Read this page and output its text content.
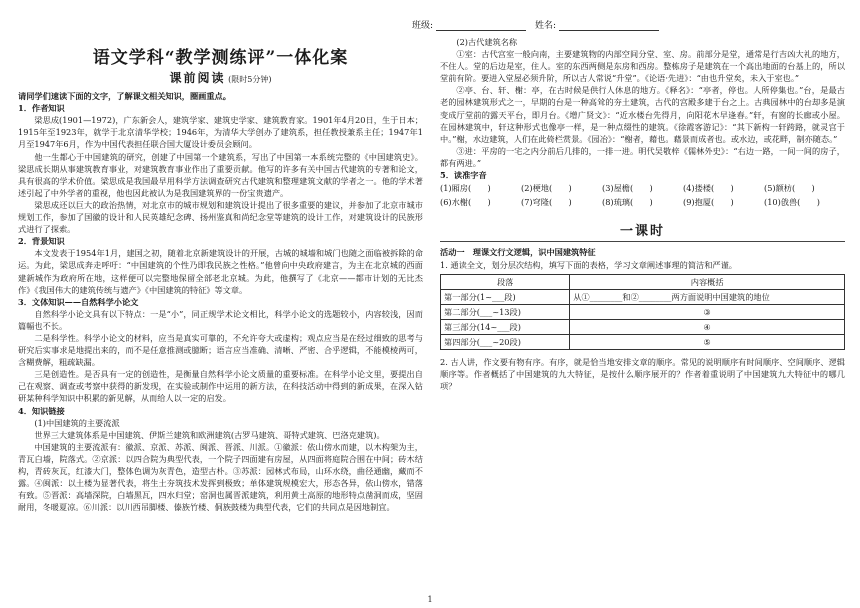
班级:	姓名:
语文学科“教学测练评”一体化案
课前阅读 (限时5分钟)

请同学们速读下面的文字，了解课文相关知识，圈画重点。

1．作者知识

梁思成(1901—1972)，广东新会人，建筑学家、建筑史学家、建筑教育家。1901年4月20日，生于日本；1915年至1923年，就学于北京清华学校；1946年，为清华大学创办了建筑系，担任教授兼系主任；1947年1月至1947年6月，作为中国代表担任联合国大厦设计委员会顾问。

他一生都心于中国建筑的研究，创建了中国第一个建筑系，写出了中国第一本系统完整的《中国建筑史》。梁思成长期从事建筑教育事业，对建筑教育事业作出了重要贡献。他写的许多有关中国古代建筑的专著和论文，具有很高的学术价值。梁思成是我国最早用科学方法调查研究古代建筑和整理建筑文献的学者之一。他的学术著述引起了中外学者的重视，他也因此被认为是我国建筑界的一份宝贵遗产。

梁思成还以巨大的政治热情，对北京市的城市规划和建筑设计提出了很多重要的建议，并参加了北京市城市规划工作，参加了国徽的设计和人民英雄纪念碑、扬州鉴真和尚纪念堂等建筑的设计工作，对建筑设计的民族形式进行了探索。

2．背景知识

本文发表于1954年1月，建国之初，随着北京新建筑设计的开展，古城的城墙和城门也随之面临被拆除的命运。为此，梁思成奔走呼吁：“中国建筑的个性乃即我民族之性格。”他曾向中央政府建言，为主在北京城的西面建新城作为政府所在地，这样便可以完整地保留全部老北京城。为此，他撰写了《北京——都市计划的无比杰作》《我国伟大的建筑传统与遗产》《中国建筑的特征》等文章。

3．文体知识——自然科学小论文

自然科学小论文具有以下特点：一是“小”，同正规学术论文相比，科学小论文的选题较小，内容较浅，因而篇幅也不长。

二是科学性。科学小论文的材料，应当是真实可靠的，不允许夸大或虚构；观点应当是在经过细致的思考与研究后实事求是地提出来的，而不是任意推测或臆断；语言应当准确、清晰、严密、合乎逻辑，不能模棱两可，含糊费解，粗疏缺漏。

三是创造性。是否具有一定的创造性，是衡量自然科学小论文质量的重要标准。在科学小论文里，要提出自己在观察、调查或考察中获得的新发现，在实验或制作中运用的新方法，在科技活动中得到的新成果，在深入钻研某种科学知识中积累的新见解，从而给人以一定的启发。

4．知识链接

(1)中国建筑的主要流派

世界三大建筑体系是中国建筑、伊斯兰建筑和欧洲建筑(古罗马建筑、哥特式建筑、巴洛克建筑)。

中国建筑的主要流派有：徽派、京派、苏派、闽派、晋派、川派。①徽派：依山傍水而建，以木构架为主，青瓦白墙，院落式。②京派：以四合院为典型代表，一个院子四面建有房屋，从四面将庭院合围在中间；砖木结构，青砖灰瓦，红漆大门，整体色调为灰青色，造型古朴。③苏派：园林式布局，山环水绕，曲径通幽，藏而不露。④闽派：以土楼为显著代表，将生土夯筑技术发挥到极致；单体建筑规模宏大，形态各异，依山傍水，错落有致。⑤晋派：高墙深院，白墙黑瓦，四水归堂；窑洞也属晋派建筑，利用黄土高原的地形特点凿洞而成，坚固耐用，冬暖夏凉。⑥川派：以川西吊脚楼、傣族竹楼、侗族鼓楼为典型代表，它们的共同点是因地制宜。

(2)古代建筑名称

①室：古代宫室一般向南，主要建筑物的内部空间分堂、室、房。前部分是堂，通常是行吉凶大礼的地方，不住人。堂的后边是室，住人。室的东西两侧是东房和西房。整栋房子是建筑在一个高出地面的台基上的，所以堂前有阶。要进入堂屋必须升阶，所以古人常说“升堂”。《论语·先进》：“由也升堂矣，未入于室也。”

②亭、台、轩、榭：亭，在古时候是供行人休息的地方。《释名》：“亭者，停也。人所停集也。”台，是最古老的园林建筑形式之一，早期的台是一种高耸的夯土建筑，古代的宫殿多建于台之上。古典园林中的台却多是演变成厅堂前的露天平台，即月台。《增广贤文》：“近水楼台先得月，向阳花木早逢春。”轩，有窗的长廊或小屋。在园林建筑中，轩这种形式也像亭一样，是一种点缀性的建筑。《徐霞客游记》：“其下新构一轩跨路，就灵宫于中。”榭，水边建筑，人们在此倚栏赏景。《园冶》：“榭者，藉也。藉景而成者也。或水边，或花畔，制亦随态。”

③进：平房的一宅之内分前后几排的，一排一进。明代吴敬梓《儒林外史》：“右边一路，一间一间的房子，都有两进。”

5．读准字音

(1)厢房(　　)	(2)梗地(　　)	(3)屋檐(　　)	(4)搂楼(　　)	(5)额枋(　　)
(6)水榭(　　)	(7)穹隆(　　)	(8)琉璃(　　)	(9)抱厦(　　)	(10)戗兽(　　)
一课时

活动一　理课文行文逻辑，识中国建筑特征

1. 通读全文，划分层次结构，填写下面的表格，学习文章阐述事理的简洁和严谨。

段落	内容概括
第一部分(1~___段)	从①________和②________两方面说明中国建筑的地位
第二部分(___~13段)	③
第三部分(14~___段)	④
第四部分(___~20段)	⑤

2. 古人讲，作文要有物有序。有序，就是恰当地安排文章的顺序。常见的说明顺序有时间顺序、空间顺序、逻辑顺序等。作者概括了中国建筑的九大特征，是按什么顺序展开的？作者着重说明了中国建筑九大特征中的哪几项？

1
